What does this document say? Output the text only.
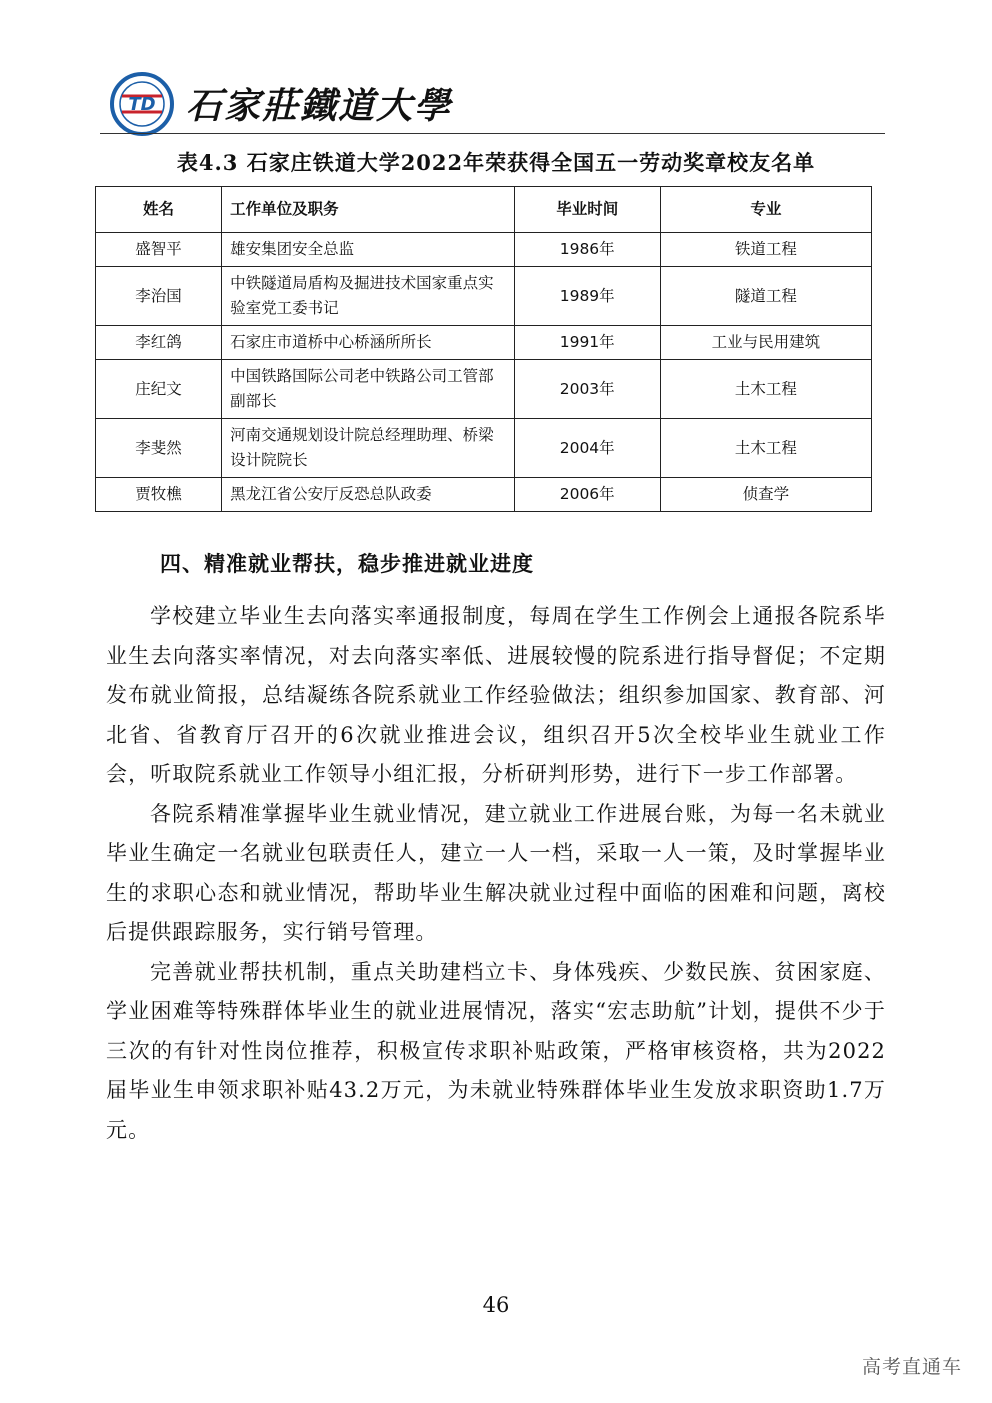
TD 石家莊鐵道大學
表4.3 石家庄铁道大学2022年荣获得全国五一劳动奖章校友名单
姓名	工作单位及职务	毕业时间	专业
盛智平	雄安集团安全总监	1986年	铁道工程
李治国	中铁隧道局盾构及掘进技术国家重点实验室党工委书记	1989年	隧道工程
李红鸽	石家庄市道桥中心桥涵所所长	1991年	工业与民用建筑
庄纪文	中国铁路国际公司老中铁路公司工管部副部长	2003年	土木工程
李斐然	河南交通规划设计院总经理助理、桥梁设计院院长	2004年	土木工程
贾牧樵	黑龙江省公安厅反恐总队政委	2006年	侦查学
四、精准就业帮扶，稳步推进就业进度

学校建立毕业生去向落实率通报制度，每周在学生工作例会上通报各院系毕业生去向落实率情况，对去向落实率低、进展较慢的院系进行指导督促；不定期发布就业简报，总结凝练各院系就业工作经验做法；组织参加国家、教育部、河北省、省教育厅召开的6次就业推进会议，组织召开5次全校毕业生就业工作会，听取院系就业工作领导小组汇报，分析研判形势，进行下一步工作部署。

各院系精准掌握毕业生就业情况，建立就业工作进展台账，为每一名未就业毕业生确定一名就业包联责任人，建立一人一档，采取一人一策，及时掌握毕业生的求职心态和就业情况，帮助毕业生解决就业过程中面临的困难和问题，离校后提供跟踪服务，实行销号管理。

完善就业帮扶机制，重点关助建档立卡、身体残疾、少数民族、贫困家庭、学业困难等特殊群体毕业生的就业进展情况，落实“宏志助航”计划，提供不少于三次的有针对性岗位推荐，积极宣传求职补贴政策，严格审核资格，共为2022届毕业生申领求职补贴43.2万元，为未就业特殊群体毕业生发放求职资助1.7万元。

46
高考直通车
